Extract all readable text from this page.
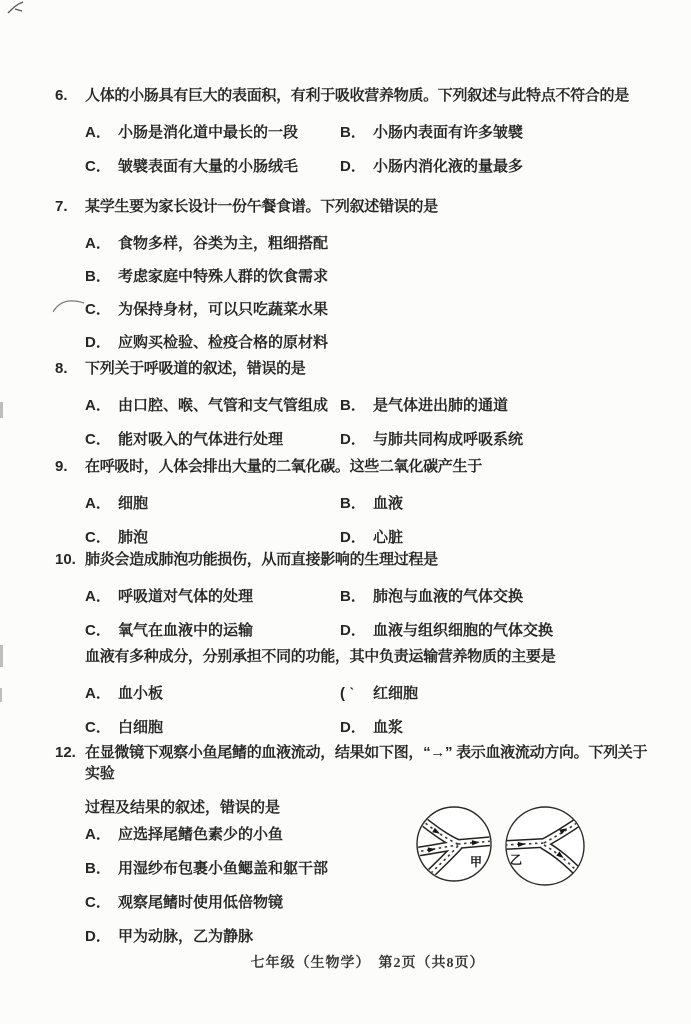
6.	人体的小肠具有巨大的表面积，有利于吸收营养物质。下列叙述与此特点不符合的是
A． 小肠是消化道中最长的一段	B． 小肠内表面有许多皱襞
C． 皱襞表面有大量的小肠绒毛	D． 小肠内消化液的量最多
7.	某学生要为家长设计一份午餐食谱。下列叙述错误的是
A． 食物多样，谷类为主，粗细搭配
B． 考虑家庭中特殊人群的饮食需求
C． 为保持身材，可以只吃蔬菜水果
D． 应购买检验、检疫合格的原材料
8.	下列关于呼吸道的叙述，错误的是
A． 由口腔、喉、气管和支气管组成 B． 是气体进出肺的通道
C． 能对吸入的气体进行处理	D． 与肺共同构成呼吸系统
9.	在呼吸时，人体会排出大量的二氧化碳。这些二氧化碳产生于
A． 细胞	B． 血液
C． 肺泡	D． 心脏
10. 肺炎会造成肺泡功能损伤，从而直接影响的生理过程是
A． 呼吸道对气体的处理	B． 肺泡与血液的气体交换
C． 氧气在血液中的运输	D． 血液与组织细胞的气体交换
血液有多种成分，分别承担不同的功能，其中负责运输营养物质的主要是
A． 血小板	( ˋ	红细胞
C． 白细胞	D． 血浆
12. 在显微镜下观察小鱼尾鳍的血液流动，结果如下图，“→” 表示血液流动方向。下列关于实验
过程及结果的叙述，错误的是
A． 应选择尾鳍色素少的小鱼
B． 用湿纱布包裹小鱼鳃盖和躯干部
C． 观察尾鳍时使用低倍物镜
D． 甲为动脉，乙为静脉
甲 乙
七年级（生物学）　第2页（共8页）
